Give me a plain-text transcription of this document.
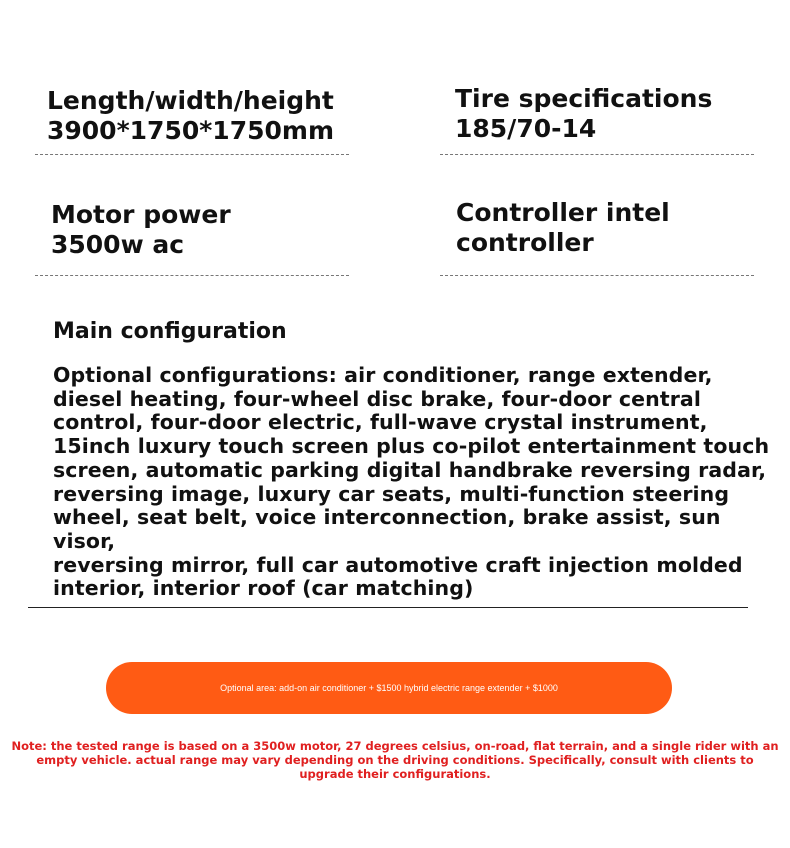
Length/width/height
3900*1750*1750mm
Tire specifications
185/70-14
Motor power
3500w ac
Controller intel
controller
Main configuration
Optional configurations: air conditioner, range extender,
diesel heating, four-wheel disc brake, four-door central
control, four-door electric, full-wave crystal instrument,
15inch luxury touch screen plus co-pilot entertainment touch
screen, automatic parking digital handbrake reversing radar,
reversing image, luxury car seats, multi-function steering
wheel, seat belt, voice interconnection, brake assist, sun visor,
reversing mirror, full car automotive craft injection molded
interior, interior roof (car matching)
Optional area: add-on air conditioner + $1500 hybrid electric range extender + $1000
Note: the tested range is based on a 3500w motor, 27 degrees celsius, on-road, flat terrain, and a single rider with an empty vehicle. actual range may vary depending on the driving conditions. Specifically, consult with clients to upgrade their configurations.
